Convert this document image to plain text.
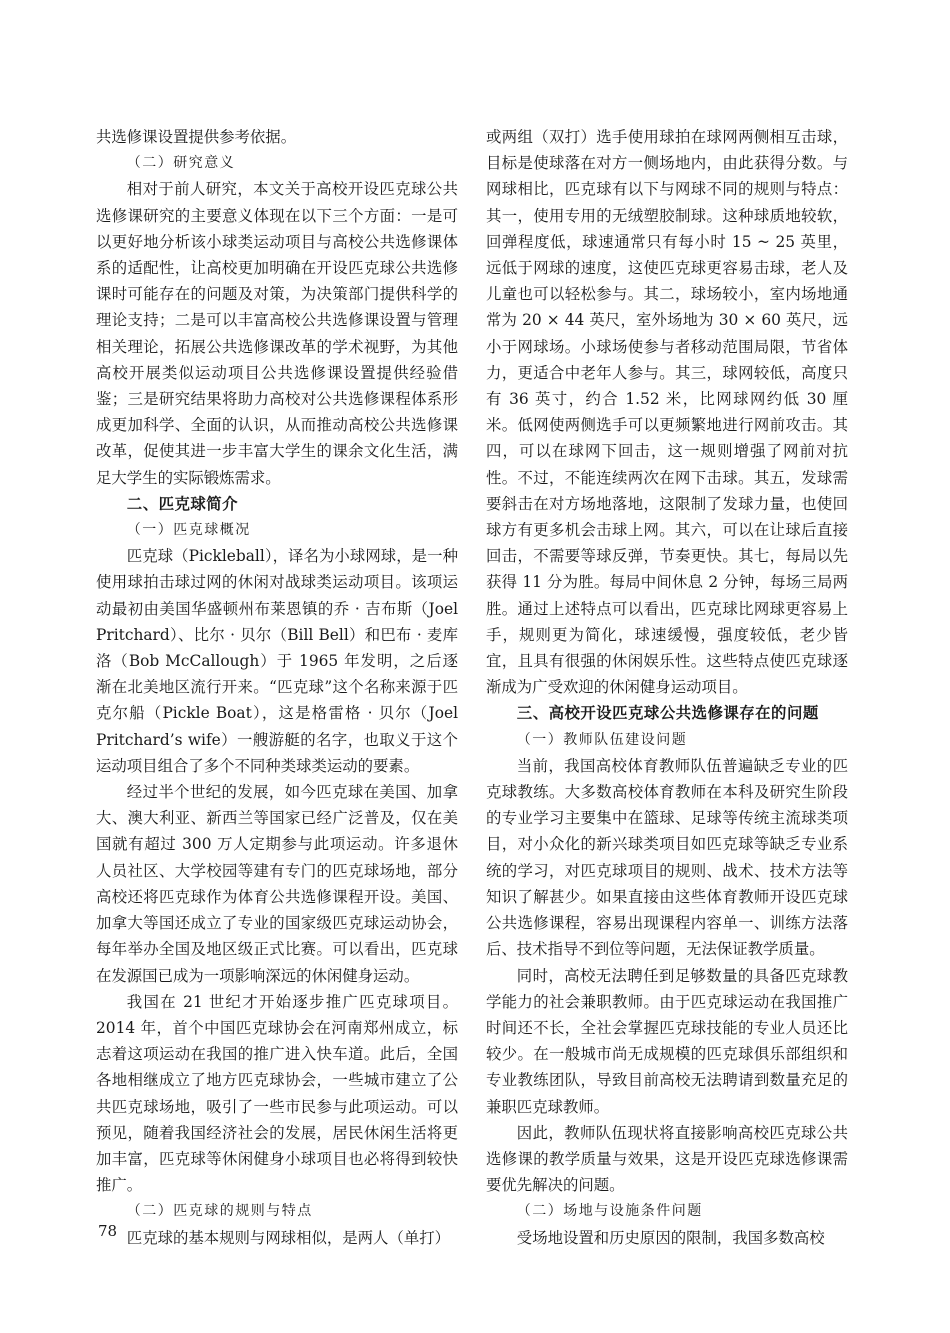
共选修课设置提供参考依据。

（二）研究意义

相对于前人研究，本文关于高校开设匹克球公共选修课研究的主要意义体现在以下三个方面：一是可以更好地分析该小球类运动项目与高校公共选修课体系的适配性，让高校更加明确在开设匹克球公共选修课时可能存在的问题及对策，为决策部门提供科学的理论支持；二是可以丰富高校公共选修课设置与管理相关理论，拓展公共选修课改革的学术视野，为其他高校开展类似运动项目公共选修课设置提供经验借鉴；三是研究结果将助力高校对公共选修课程体系形成更加科学、全面的认识，从而推动高校公共选修课改革，促使其进一步丰富大学生的课余文化生活，满足大学生的实际锻炼需求。

二、匹克球简介
（一）匹克球概况

匹克球（Pickleball），译名为小球网球，是一种使用球拍击球过网的休闲对战球类运动项目。该项运动最初由美国华盛顿州布莱恩镇的乔 · 吉布斯（Joel Pritchard）、比尔 · 贝尔（Bill Bell）和巴布 · 麦库洛（Bob McCallough）于 1965 年发明，之后逐渐在北美地区流行开来。“匹克球”这个名称来源于匹克尔船（Pickle Boat），这是格雷格 · 贝尔（Joel Pritchard’s wife）一艘游艇的名字，也取义于这个运动项目组合了多个不同种类球类运动的要素。

经过半个世纪的发展，如今匹克球在美国、加拿大、澳大利亚、新西兰等国家已经广泛普及，仅在美国就有超过 300 万人定期参与此项运动。许多退休人员社区、大学校园等建有专门的匹克球场地，部分高校还将匹克球作为体育公共选修课程开设。美国、加拿大等国还成立了专业的国家级匹克球运动协会，每年举办全国及地区级正式比赛。可以看出，匹克球在发源国已成为一项影响深远的休闲健身运动。

我国在 21 世纪才开始逐步推广匹克球项目。2014 年，首个中国匹克球协会在河南郑州成立，标志着这项运动在我国的推广进入快车道。此后，全国各地相继成立了地方匹克球协会，一些城市建立了公共匹克球场地，吸引了一些市民参与此项运动。可以预见，随着我国经济社会的发展，居民休闲生活将更加丰富，匹克球等休闲健身小球项目也必将得到较快推广。

（二）匹克球的规则与特点

匹克球的基本规则与网球相似，是两人（单打）

或两组（双打）选手使用球拍在球网两侧相互击球，目标是使球落在对方一侧场地内，由此获得分数。与网球相比，匹克球有以下与网球不同的规则与特点：其一，使用专用的无绒塑胶制球。这种球质地较软，回弹程度低，球速通常只有每小时 15 ~ 25 英里，远低于网球的速度，这使匹克球更容易击球，老人及儿童也可以轻松参与。其二，球场较小，室内场地通常为 20 × 44 英尺，室外场地为 30 × 60 英尺，远小于网球场。小球场使参与者移动范围局限，节省体力，更适合中老年人参与。其三，球网较低，高度只有 36 英寸，约合 1.52 米，比网球网约低 30 厘米。低网使两侧选手可以更频繁地进行网前攻击。其四，可以在球网下回击，这一规则增强了网前对抗性。不过，不能连续两次在网下击球。其五，发球需要斜击在对方场地落地，这限制了发球力量，也使回球方有更多机会击球上网。其六，可以在让球后直接回击，不需要等球反弹，节奏更快。其七，每局以先获得 11 分为胜。每局中间休息 2 分钟，每场三局两胜。通过上述特点可以看出，匹克球比网球更容易上手，规则更为简化，球速缓慢，强度较低，老少皆宜，且具有很强的休闲娱乐性。这些特点使匹克球逐渐成为广受欢迎的休闲健身运动项目。

三、高校开设匹克球公共选修课存在的问题
（一）教师队伍建设问题

当前，我国高校体育教师队伍普遍缺乏专业的匹克球教练。大多数高校体育教师在本科及研究生阶段的专业学习主要集中在篮球、足球等传统主流球类项目，对小众化的新兴球类项目如匹克球等缺乏专业系统的学习，对匹克球项目的规则、战术、技术方法等知识了解甚少。如果直接由这些体育教师开设匹克球公共选修课程，容易出现课程内容单一、训练方法落后、技术指导不到位等问题，无法保证教学质量。

同时，高校无法聘任到足够数量的具备匹克球教学能力的社会兼职教师。由于匹克球运动在我国推广时间还不长，全社会掌握匹克球技能的专业人员还比较少。在一般城市尚无成规模的匹克球俱乐部组织和专业教练团队，导致目前高校无法聘请到数量充足的兼职匹克球教师。

因此，教师队伍现状将直接影响高校匹克球公共选修课的教学质量与效果，这是开设匹克球选修课需要优先解决的问题。

（二）场地与设施条件问题

受场地设置和历史原因的限制，我国多数高校

78
